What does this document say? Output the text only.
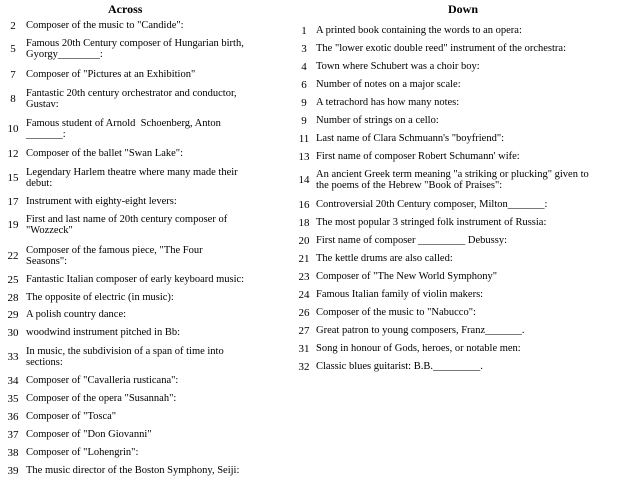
Across
2 Composer of the music to "Candide":
5 Famous 20th Century composer of Hungarian birth,
Gyorgy________:
7 Composer of "Pictures at an Exhibition"
8 Fantastic 20th century orchestrator and conductor,
Gustav:
10 Famous student of Arnold  Schoenberg, Anton
_______:
12 Composer of the ballet "Swan Lake":
15 Legendary Harlem theatre where many made their
debut:
17 Instrument with eighty-eight levers:
19 First and last name of 20th century composer of
"Wozzeck"
22 Composer of the famous piece, "The Four
Seasons":
25 Fantastic Italian composer of early keyboard music:
28 The opposite of electric (in music):
29 A polish country dance:
30 woodwind instrument pitched in Bb:
33 In music, the subdivision of a span of time into
sections:
34 Composer of "Cavalleria rusticana":
35 Composer of the opera "Susannah":
36 Composer of "Tosca"
37 Composer of "Don Giovanni"
38 Composer of "Lohengrin":
39 The music director of the Boston Symphony, Seiji:
Down
1 A printed book containing the words to an opera:
3 The "lower exotic double reed" instrument of the orchestra:
4 Town where Schubert was a choir boy:
6 Number of notes on a major scale:
9 A tetrachord has how many notes:
9 Number of strings on a cello:
11 Last name of Clara Schmuann's "boyfriend":
13 First name of composer Robert Schumann' wife:
14 An ancient Greek term meaning "a striking or plucking" given to
the poems of the Hebrew "Book of Praises":
16 Controversial 20th Century composer, Milton_______:
18 The most popular 3 stringed folk instrument of Russia:
20 First name of composer _________ Debussy:
21 The kettle drums are also called:
23 Composer of "The New World Symphony"
24 Famous Italian family of violin makers:
26 Composer of the music to "Nabucco":
27 Great patron to young composers, Franz_______.
31 Song in honour of Gods, heroes, or notable men:
32 Classic blues guitarist: B.B._________.
